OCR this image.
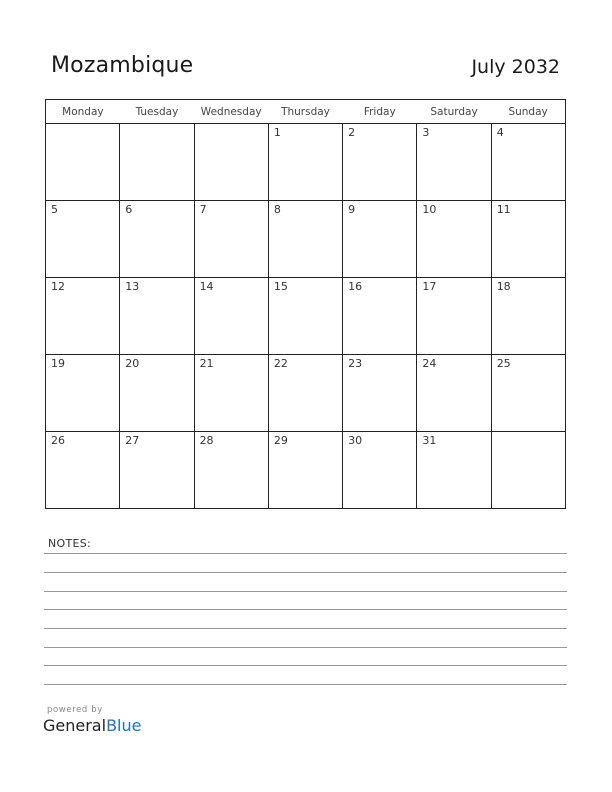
Mozambique	July 2032
Monday	Tuesday	Wednesday	Thursday	Friday	Saturday	Sunday

			1	2	3	4

5	6	7	8	9	10	11

12	13	14	15	16	17	18

19	20	21	22	23	24	25

26	27	28	29	30	31	

NOTES:
powered by
GeneralBlue
